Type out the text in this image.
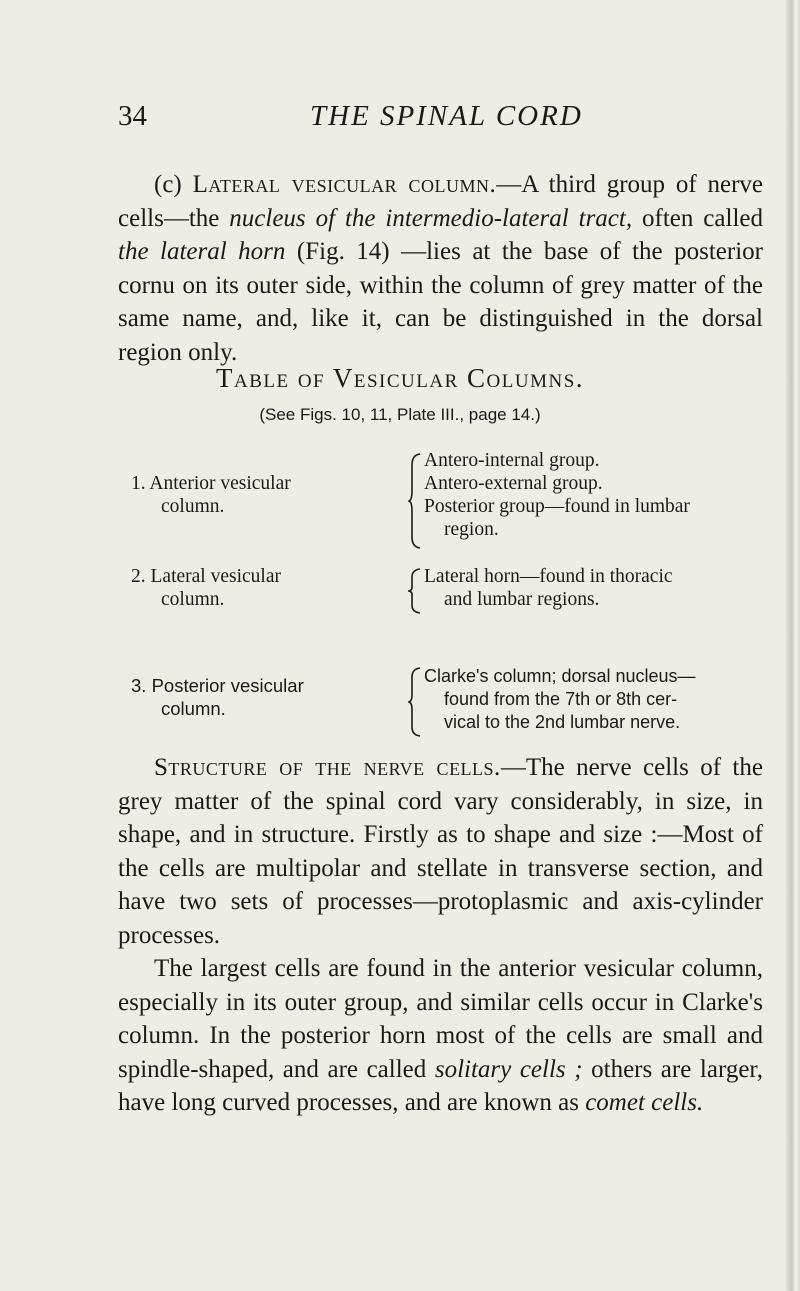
34	THE SPINAL CORD
(c) Lateral vesicular column.—A third group of nerve cells—the nucleus of the intermedio-lateral tract, often called the lateral horn (Fig. 14) —lies at the base of the posterior cornu on its outer side, within the column of grey matter of the same name, and, like it, can be distinguished in the dorsal region only.
Table of Vesicular Columns.
(See Figs. 10, 11, Plate III., page 14.)
1. Anterior vesicular
column.
Antero-internal group.
Antero-external group.
Posterior group—found in lumbar
region.
2. Lateral vesicular
column.
Lateral horn—found in thoracic
and lumbar regions.
3. Posterior vesicular
column.
Clarke's column; dorsal nucleus—
found from the 7th or 8th cer-
vical to the 2nd lumbar nerve.
Structure of the nerve cells.—The nerve cells of the grey matter of the spinal cord vary considerably, in size, in shape, and in structure. Firstly as to shape and size :—Most of the cells are multipolar and stellate in transverse section, and have two sets of processes—protoplasmic and axis-cylinder processes.
The largest cells are found in the anterior vesicular column, especially in its outer group, and similar cells occur in Clarke's column. In the posterior horn most of the cells are small and spindle-shaped, and are called solitary cells ; others are larger, have long curved processes, and are known as comet cells.
